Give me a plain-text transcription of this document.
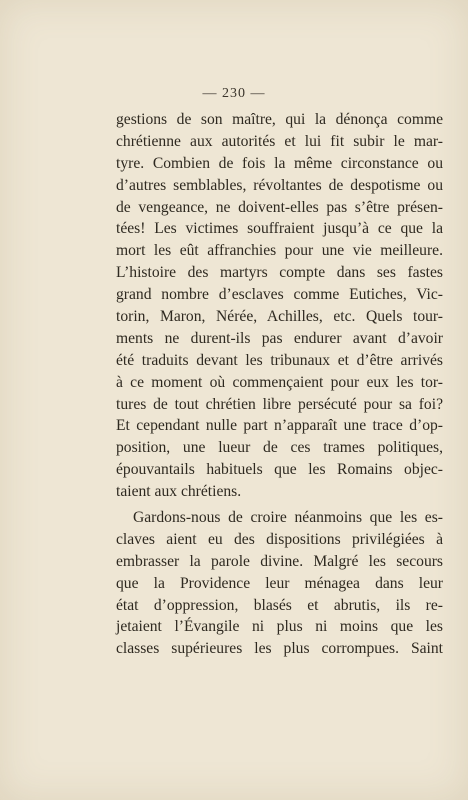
— 230 —
gestions de son maître, qui la dénonça comme
chrétienne aux autorités et lui fit subir le mar-
tyre. Combien de fois la même circonstance ou
d’autres semblables, révoltantes de despotisme ou
de vengeance, ne doivent-elles pas s’être présen-
tées! Les victimes souffraient jusqu’à ce que la
mort les eût affranchies pour une vie meilleure.
L’histoire des martyrs compte dans ses fastes
grand nombre d’esclaves comme Eutiches, Vic-
torin, Maron, Nérée, Achilles, etc. Quels tour-
ments ne durent-ils pas endurer avant d’avoir
été traduits devant les tribunaux et d’être arrivés
à ce moment où commençaient pour eux les tor-
tures de tout chrétien libre persécuté pour sa foi?
Et cependant nulle part n’apparaît une trace d’op-
position, une lueur de ces trames politiques,
épouvantails habituels que les Romains objec-
taient aux chrétiens.
Gardons-nous de croire néanmoins que les es-
claves aient eu des dispositions privilégiées à
embrasser la parole divine. Malgré les secours
que la Providence leur ménagea dans leur
état d’oppression, blasés et abrutis, ils re-
jetaient l’Évangile ni plus ni moins que les
classes supérieures les plus corrompues. Saint
